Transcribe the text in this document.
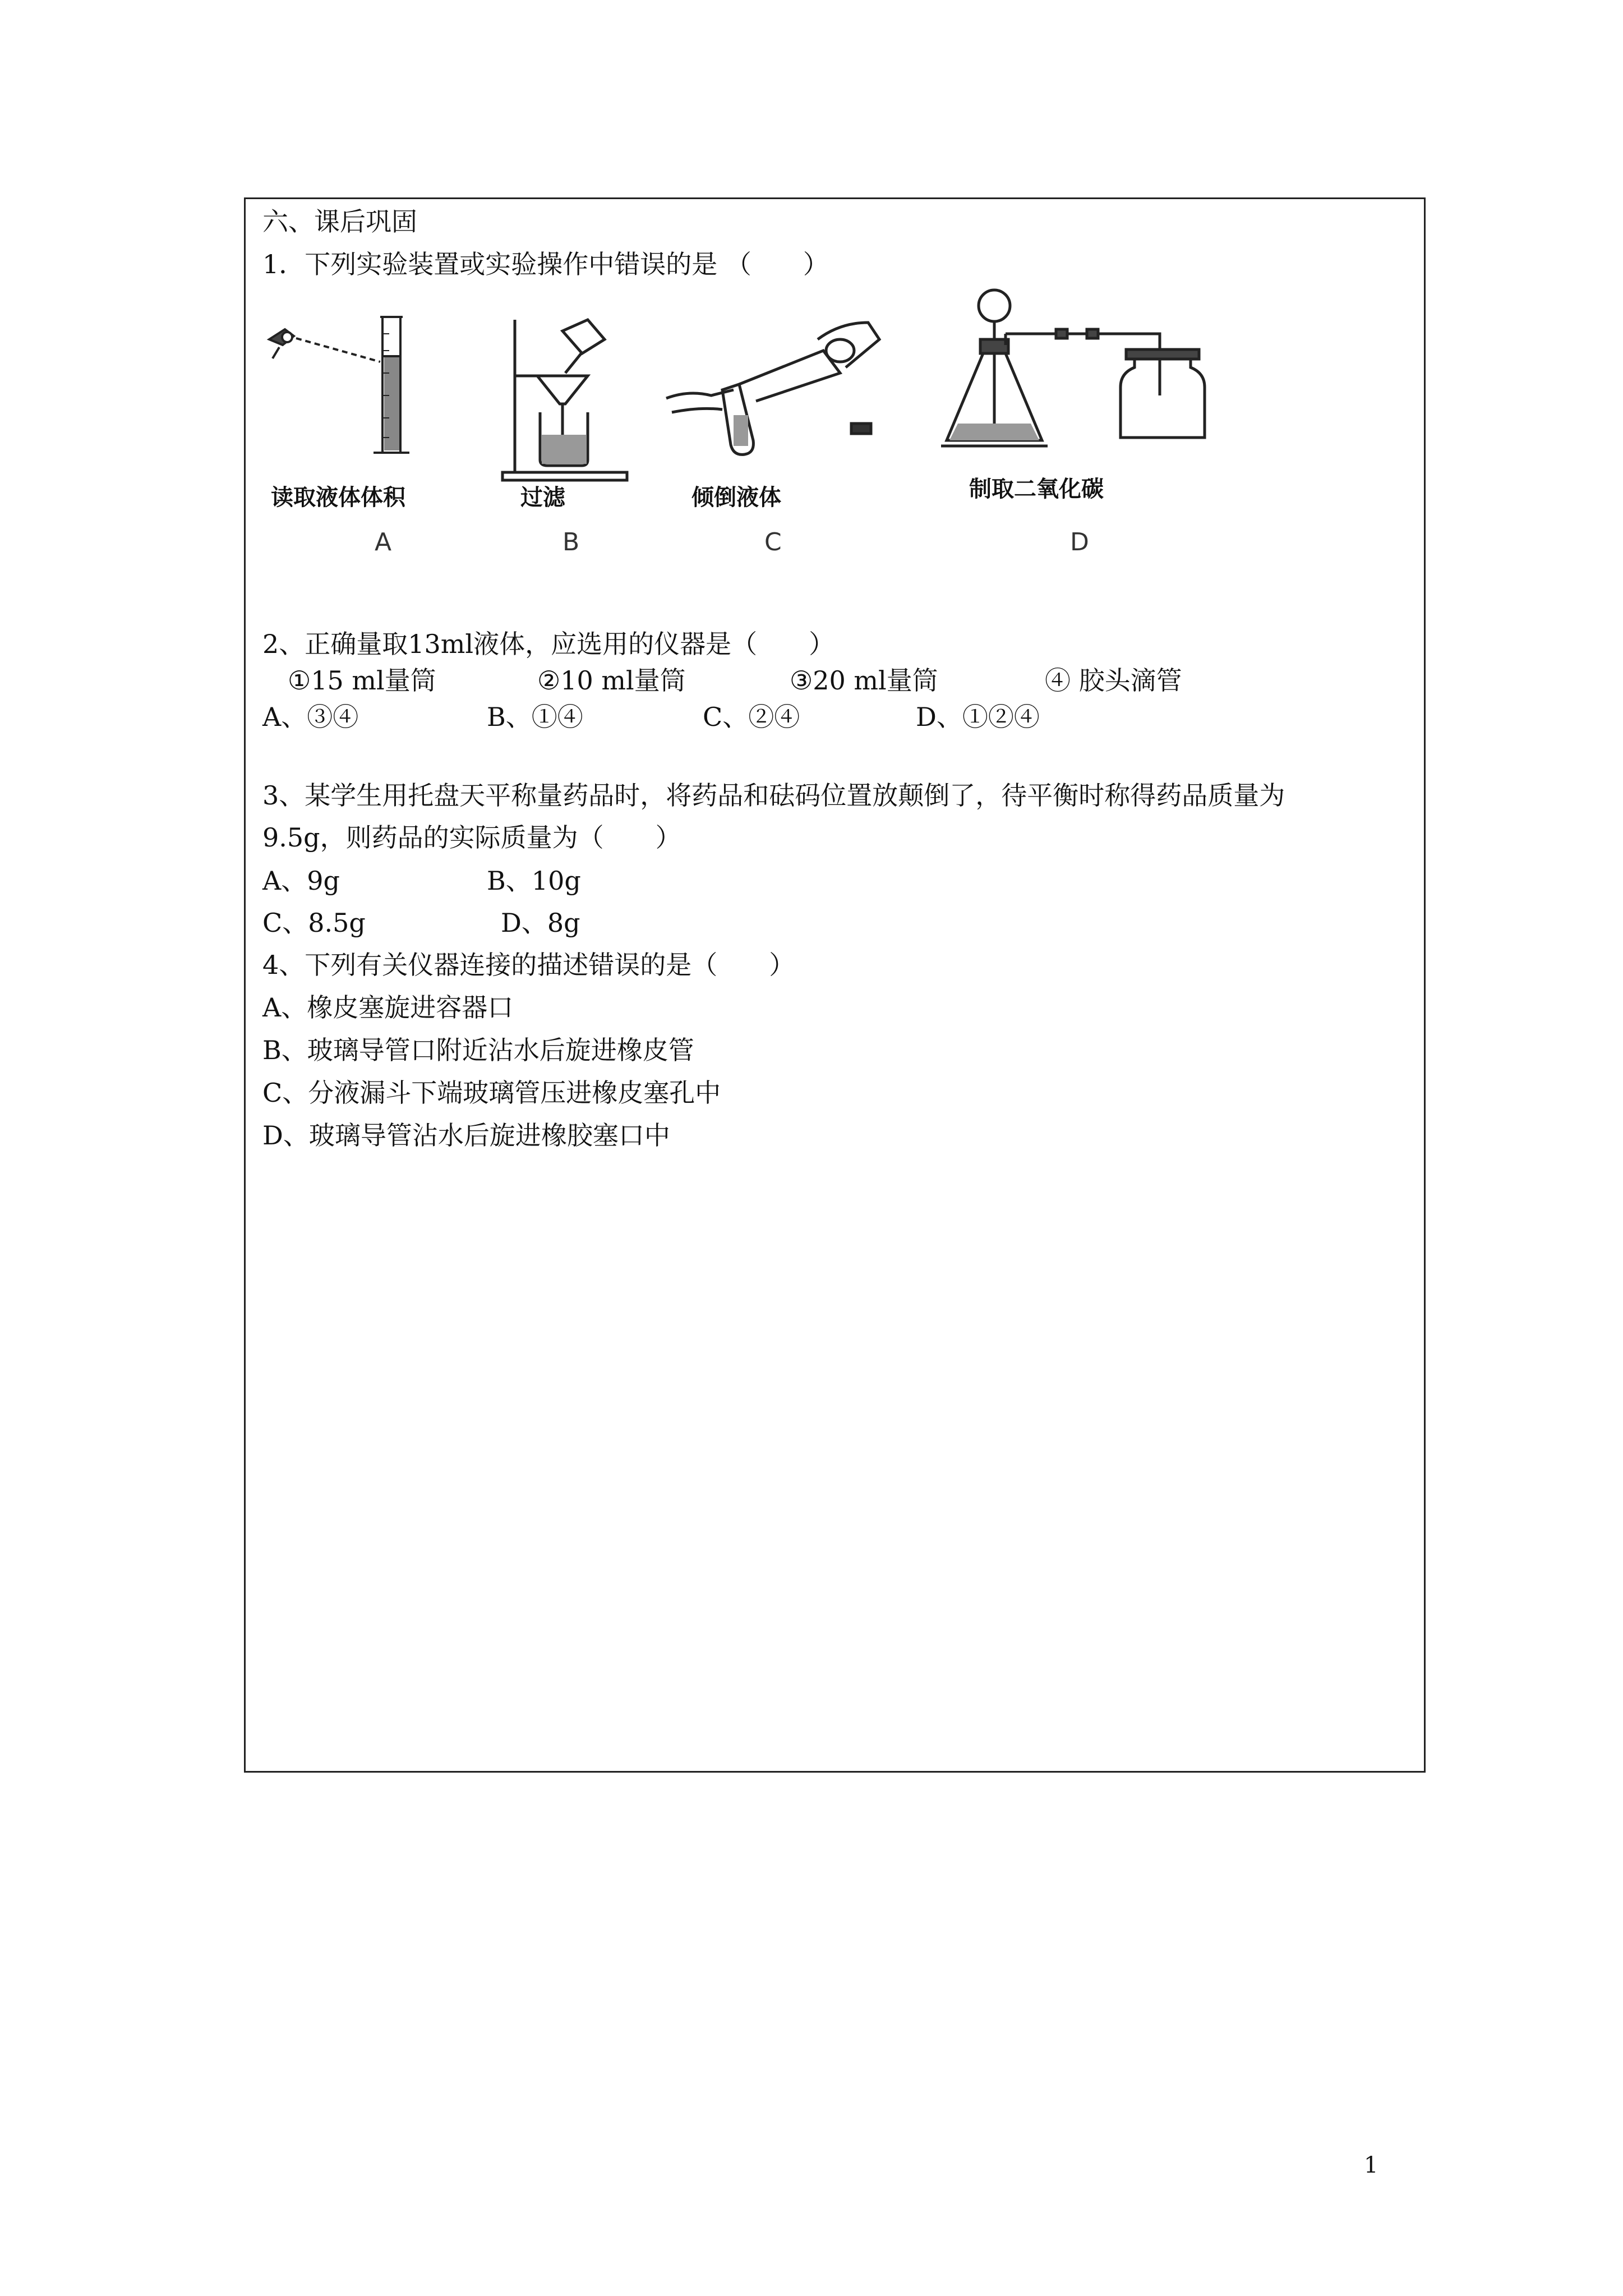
六、课后巩固
1．下列实验装置或实验操作中错误的是 （　　）
读取液体体积
A
过滤
B
倾倒液体
C
制取二氧化碳
D
2、正确量取13ml液体，应选用的仪器是（　　）
①15 ml量筒	②10 ml量筒	③20 ml量筒	④ 胶头滴管
A、③④	B、①④	C、②④	D、①②④
3、某学生用托盘天平称量药品时，将药品和砝码位置放颠倒了，待平衡时称得药品质量为
9.5g，则药品的实际质量为（　　）
A、9g	B、10g
C、8.5g	D、8g
4、下列有关仪器连接的描述错误的是（　　）
A、橡皮塞旋进容器口
B、玻璃导管口附近沾水后旋进橡皮管
C、分液漏斗下端玻璃管压进橡皮塞孔中
D、玻璃导管沾水后旋进橡胶塞口中
1
